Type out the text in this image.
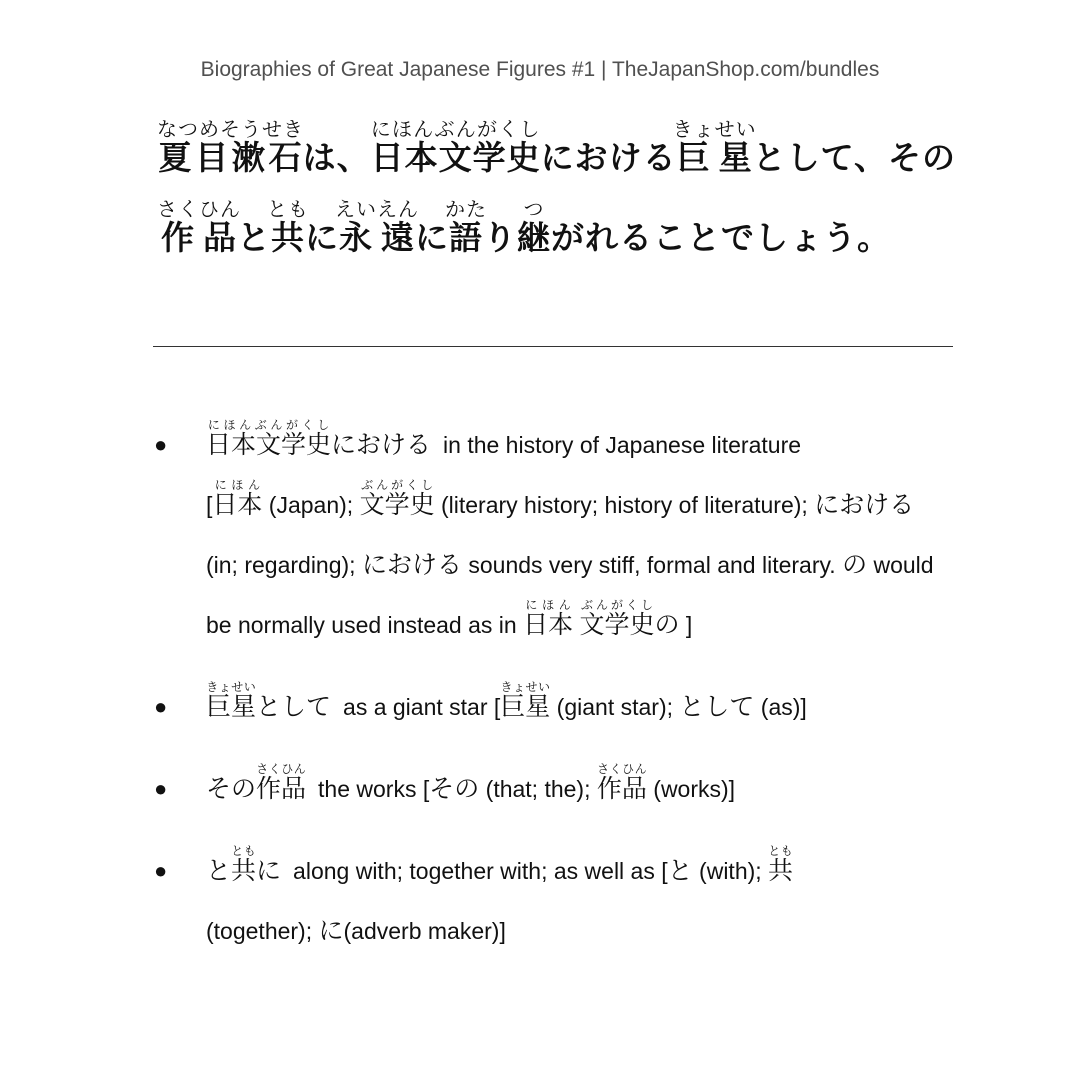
Biographies of Great Japanese Figures #1 | TheJapanShop.com/bundles
夏目漱石なつめそうせきは、日本文学史にほんぶんがくしにおける巨星きょせいとして、その作品さくひんと共ともに永遠えいえんに語かたり継つがれることでしょう。
● 日本文学史にほんぶんがくしにおける in the history of Japanese literature
[日本にほん (Japan); 文学史ぶんがくし (literary history; history of literature); における (in; regarding); における sounds very stiff, formal and literary. の would be normally used instead as in 日本にほん 文学史ぶんがくしの ]
● 巨星きょせいとして as a giant star [巨星きょせい (giant star); として (as)]
● その作品さくひんthe works [その (that; the); 作品さくひん (works)]
● と共ともに along with; together with; as well as [と (with); 共とも
(together); に(adverb maker)]
